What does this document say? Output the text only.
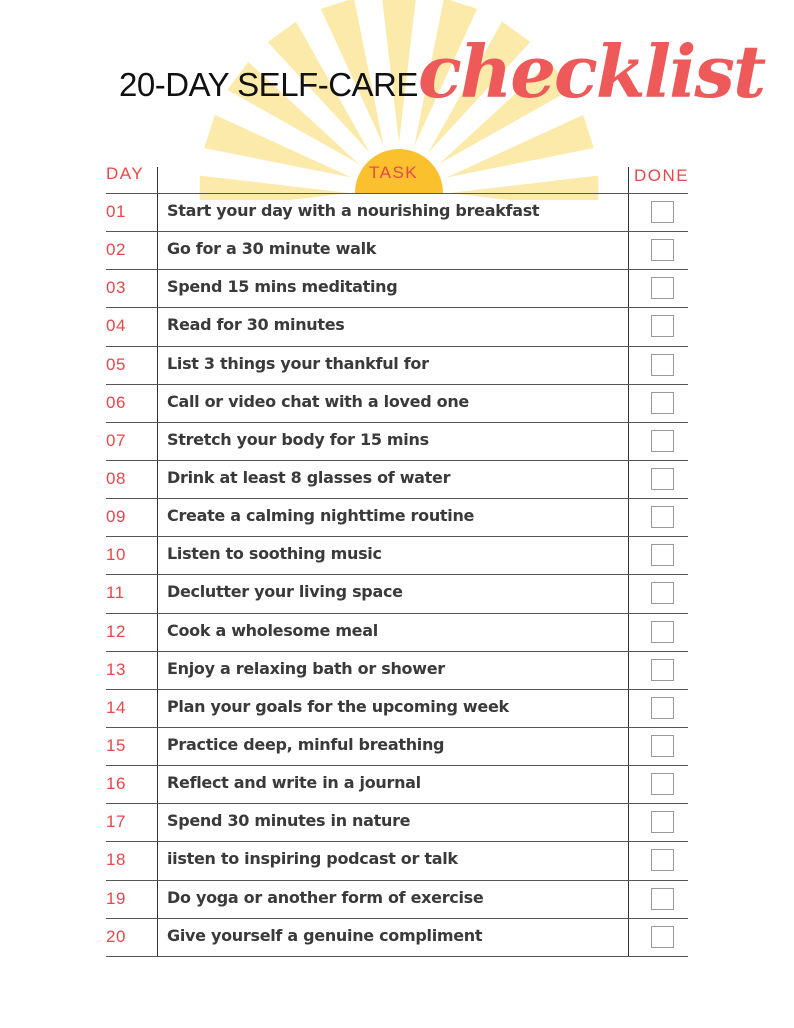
20-DAY SELF-CARE checklist
DAY	TASK	DONE
01	Start your day with a nourishing breakfast
02	Go for a 30 minute walk
03	Spend 15 mins meditating
04	Read for 30 minutes
05	List 3 things your thankful for
06	Call or video chat with a loved one
07	Stretch your body for 15 mins
08	Drink at least 8 glasses of water
09	Create a calming nighttime routine
10	Listen to soothing music
11	Declutter your living space
12	Cook a wholesome meal
13	Enjoy a relaxing bath or shower
14	Plan your goals for the upcoming week
15	Practice deep, minful breathing
16	Reflect and write in a journal
17	Spend 30 minutes in nature
18	iisten to inspiring podcast or talk
19	Do yoga or another form of exercise
20	Give yourself a genuine compliment
